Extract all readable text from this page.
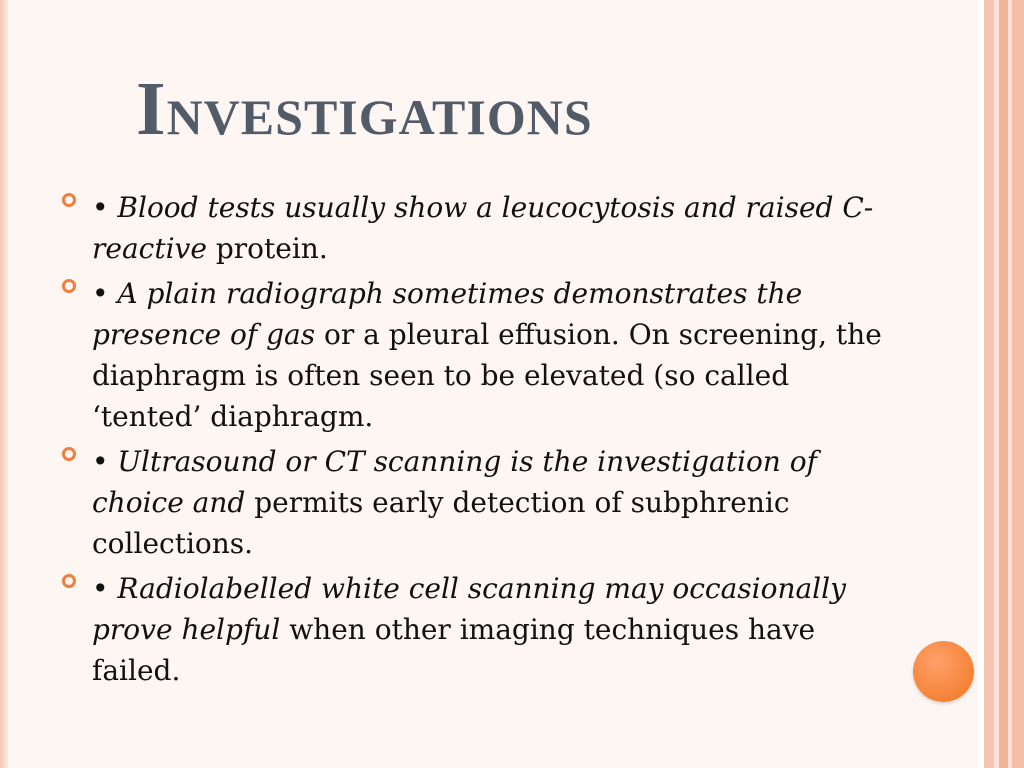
INVESTIGATIONS
• Blood tests usually show a leucocytosis and raised C-reactive protein.
• A plain radiograph sometimes demonstrates the presence of gas or a pleural effusion. On screening, the diaphragm is often seen to be elevated (so called ‘tented’ diaphragm.
• Ultrasound or CT scanning is the investigation of choice and permits early detection of subphrenic collections.
• Radiolabelled white cell scanning may occasionally prove helpful when other imaging techniques have failed.
